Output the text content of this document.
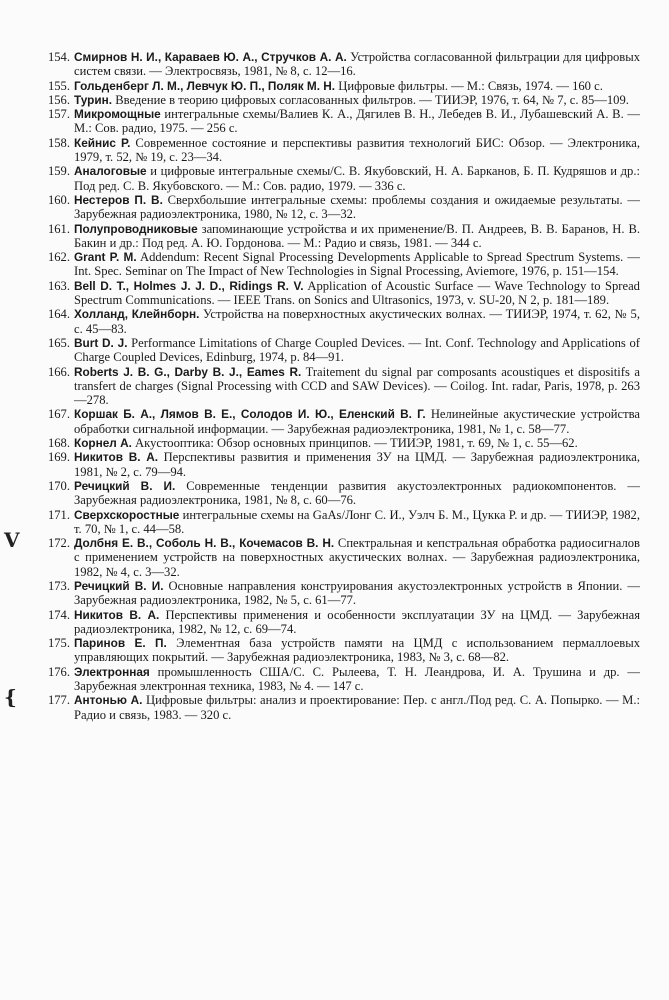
154. Смирнов Н. И., Караваев Ю. А., Стручков А. А. Устройства согласованной фильтрации для цифровых систем связи. — Электросвязь, 1981, № 8, с. 12—16.

155. Гольденберг Л. М., Левчук Ю. П., Поляк М. Н. Цифровые фильтры. — М.: Связь, 1974. — 160 с.

156. Турин. Введение в теорию цифровых согласованных фильтров. — ТИИЭР, 1976, т. 64, № 7, с. 85—109.

157. Микромощные интегральные схемы/Валиев К. А., Дягилев В. Н., Лебедев В. И., Лубашевский А. В. — М.: Сов. радио, 1975. — 256 с.

158. Кейнис Р. Современное состояние и перспективы развития технологий БИС: Обзор. — Электроника, 1979, т. 52, № 19, с. 23—34.

159. Аналоговые и цифровые интегральные схемы/С. В. Якубовский, Н. А. Барканов, Б. П. Кудряшов и др.: Под ред. С. В. Якубовского. — М.: Сов. радио, 1979. — 336 с.

160. Нестеров П. В. Сверхбольшие интегральные схемы: проблемы создания и ожидаемые результаты. — Зарубежная радиоэлектроника, 1980, № 12, с. 3—32.

161. Полупроводниковые запоминающие устройства и их применение/В. П. Андреев, В. В. Баранов, Н. В. Бакин и др.: Под ред. А. Ю. Гордонова. — М.: Радио и связь, 1981. — 344 с.

162. Grant P. M. Addendum: Recent Signal Processing Developments Applicable to Spread Spectrum Systems. — Int. Spec. Seminar on The Impact of New Technologies in Signal Processing, Aviemore, 1976, p. 151—154.

163. Bell D. T., Holmes J. J. D., Ridings R. V. Application of Acoustic Surface — Wave Technology to Spread Spectrum Communications. — IEEE Trans. on Sonics and Ultrasonics, 1973, v. SU-20, N 2, p. 181—189.

164. Холланд, Клейнборн. Устройства на поверхностных акустических волнах. — ТИИЭР, 1974, т. 62, № 5, с. 45—83.

165. Burt D. J. Performance Limitations of Charge Coupled Devices. — Int. Conf. Technology and Applications of Charge Coupled Devices, Edinburg, 1974, p. 84—91.

166. Roberts J. B. G., Darby B. J., Eames R. Traitement du signal par composants acoustiques et dispositifs a transfert de charges (Signal Processing with CCD and SAW Devices). — Coilog. Int. radar, Paris, 1978, p. 263—278.

167. Коршак Б. А., Лямов В. Е., Солодов И. Ю., Еленский В. Г. Нелинейные акустические устройства обработки сигнальной информации. — Зарубежная радиоэлектроника, 1981, № 1, с. 58—77.

168. Корнел А. Акустооптика: Обзор основных принципов. — ТИИЭР, 1981, т. 69, № 1, с. 55—62.

169. Никитов В. А. Перспективы развития и применения ЗУ на ЦМД. — Зарубежная радиоэлектроника, 1981, № 2, с. 79—94.

170. Речицкий В. И. Современные тенденции развития акустоэлектронных радиокомпонентов. — Зарубежная радиоэлектроника, 1981, № 8, с. 60—76.

171. Сверхскоростные интегральные схемы на GaAs/Лонг С. И., Уэлч Б. М., Цукка Р. и др. — ТИИЭР, 1982, т. 70, № 1, с. 44—58.

V	172. Долбня Е. В., Соболь Н. В., Кочемасов В. Н. Спектральная и кепстральная обработка радиосигналов с применением устройств на поверхностных акустических волнах. — Зарубежная радиоэлектроника, 1982, № 4, с. 3—32.

173. Речицкий В. И. Основные направления конструирования акустоэлектронных устройств в Японии. — Зарубежная радиоэлектроника, 1982, № 5, с. 61—77.

174. Никитов В. А. Перспективы применения и особенности эксплуатации ЗУ на ЦМД. — Зарубежная радиоэлектроника, 1982, № 12, с. 69—74.

175. Паринов Е. П. Элементная база устройств памяти на ЦМД с использованием пермаллоевых управляющих покрытий. — Зарубежная радиоэлектроника, 1983, № 3, с. 68—82.

176. Электронная промышленность США/С. С. Рылеева, Т. Н. Леандрова, И. А. Трушина и др. — Зарубежная электронная техника, 1983, № 4. — 147 с.

{	177. Антонью А. Цифровые фильтры: анализ и проектирование: Пер. с англ./Под ред. С. А. Попырко. — М.: Радио и связь, 1983. — 320 с.
